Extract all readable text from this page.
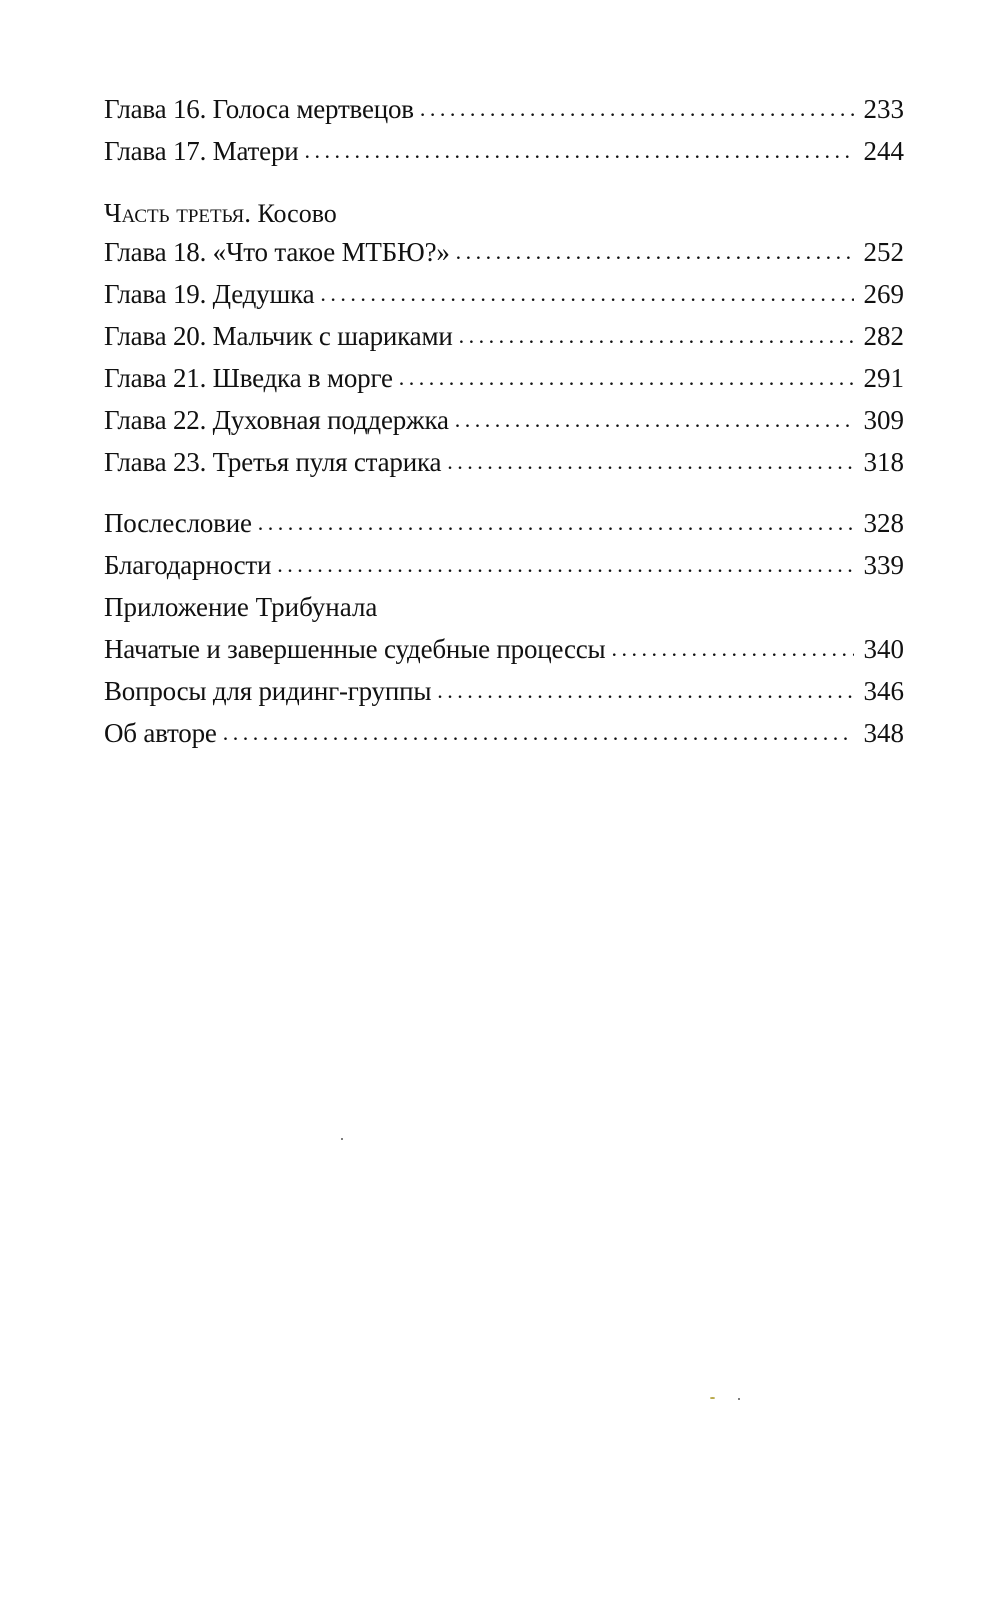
Глава 16. Голоса мертвецов . . .	233
Глава 17. Матери . . .	244
Часть третья. Косово
Глава 18. «Что такое МТБЮ?» . . .	252
Глава 19. Дедушка . . .	269
Глава 20. Мальчик с шариками . . .	282
Глава 21. Шведка в морге . . .	291
Глава 22. Духовная поддержка . . .	309
Глава 23. Третья пуля старика . . .	318
Послесловие . . .	328
Благодарности . . .	339
Приложение Трибунала
Начатые и завершенные судебные процессы . . .	340
Вопросы для ридинг-группы . . .	346
Об авторе . . .	348
